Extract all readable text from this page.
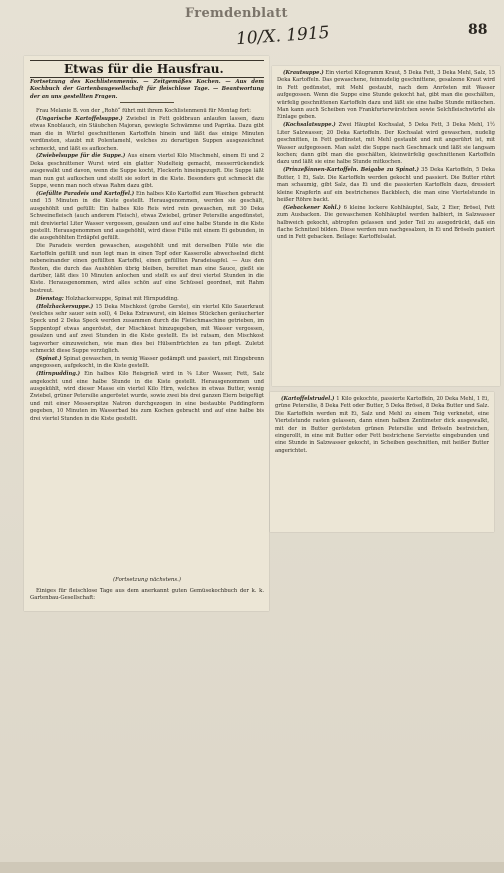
Fremdenblatt
10/X. 1915	88
Etwas für die Hausfrau.
Fortsetzung des Kochlistenmenüs. — Zeitgemäßes Kochen. — Aus dem Kochbuch der Gartenbaugesellschaft für fleischlose Tage. — Beantwortung der an uns gestellten Fragen.

Frau Melanie B. von der „Rohö“ führt mit ihrem Kochlistenmenü für Montag fort:

(Ungarische Kartoffelsuppe.) Zwiebel in Fett goldbraun anlaufen lassen, dazu etwas Knoblauch, ein Stäubchen Majoran, gewiegte Schwämme und Paprika. Dazu gibt man die in Würfel geschnittenen Kartoffeln hinein und läßt das einige Minuten verdünsten, staubt mit Polentamehl, welches zu derartigen Suppen ausgezeichnet schmeckt, und läßt es aufkochen.

(Zwiebelsuppe für die Suppe.) Aus einem viertel Kilo Mischmehl, einem Ei und 2 Deka geschnittener Wurst wird ein glatter Nudelteig gemacht, messerrückendick ausgewalkt und davon, wenn die Suppe kocht, Fleckerln hineingezupft. Die Suppe läßt man nun gut aufkochen und stellt sie sofort in die Kiste. Besonders gut schmeckt die Suppe, wenn man noch etwas Rahm dazu gibt.

(Gefüllte Paradeis und Kartoffel.) Ein halbes Kilo Kartoffel zum Waschen gebracht und 15 Minuten in die Kiste gestellt. Herausgenommen, werden sie geschält, ausgehöhlt und gefüllt: Ein halbes Kilo Reis wird rein gewaschen, mit 30 Deka Schweinefleisch (auch anderem Fleisch), etwas Zwiebel, grüner Petersilie angedünstet, mit dreiviertel Liter Wasser vergossen, gesalzen und auf eine halbe Stunde in die Kiste gestellt. Herausgenommen und ausgehöhlt, wird diese Fülle mit einem Ei gebunden, in die ausgehöhlten Erdäpfel gefüllt.

Die Paradeis werden gewaschen, ausgehöhlt und mit derselben Fülle wie die Kartoffeln gefüllt und nun legt man in einen Topf oder Kasserolle abwechselnd dicht nebeneinander einen gefüllten Kartoffel, einen gefüllten Paradeisapfel. — Aus den Resten, die durch das Aushöhlen übrig bleiben, bereitet man eine Sauce, gießt sie darüber, läßt dies 10 Minuten anlochen und stellt es auf drei viertel Stunden in die Kiste. Herausgenommen, wird alles schön auf eine Schüssel geordnet, mit Rahm bestreut.

Dienstag: Holzhackersuppe, Spinat mit Hirnpudding.

(Holzhackersuppe.) 15 Deka Mischkost (grobe Gerste), ein viertel Kilo Sauerkraut (welches sehr sauer sein soll), 4 Deka Extrawurst, ein kleines Stückchen geräucherter Speck und 2 Deka Speck werden zusammen durch die Fleischmaschine getrieben, im Suppentopf etwas angeröstet, der Mischkost hinzugegeben, mit Wasser vergossen, gesalzen und auf zwei Stunden in die Kiste gestellt. Es ist ratsam, den Mischkost tagsvorher einzuweichen, wie man dies bei Hülsenfrüchten zu tun pflegt. Zuletzt schmeckt diese Suppe vorzüglich.

(Spinat.) Spinat gewaschen, in wenig Wasser gedämpft und passiert, mit Eingebrenn angegossen, aufgekocht, in die Kiste gestellt.

(Hirnpudding.) Ein halbes Kilo Reisgrieß wird in ⅝ Liter Wasser, Fett, Salz angekocht und eine halbe Stunde in die Kiste gestellt. Herausgenommen und ausgekühlt, wird dieser Masse ein viertel Kilo Hirn, welches in etwas Butter, wenig Zwiebel, grüner Petersilie angeröstet wurde, sowie zwei bis drei ganzen Eiern beigefügt und mit einer Messerspitze Natron durchgezogen in eine bestaubte Puddingform gegeben, 10 Minuten im Wasserbad bis zum Kochen gebracht und auf eine halbe bis drei viertel Stunden in die Kiste gestellt.

(Fortsetzung nächstens.)
Einiges für fleischlose Tage aus dem anerkannt guten Gemüsekochbuch der k. k. Gartenbau-Gesellschaft:

(Krautsuppe.) Ein viertel Kilogramm Kraut, 5 Deka Fett, 3 Deka Mehl, Salz, 15 Deka Kartoffeln. Das gewaschene, feinnudelig geschnittene, gesalzene Kraut wird in Fett gedünstet, mit Mehl gestaubt, nach dem Anrösten mit Wasser aufgegossen. Wenn die Suppe eine Stunde gekocht hat, gibt man die geschälten, würfelig geschnittenen Kartoffeln dazu und läßt sie eine halbe Stunde mitkochen. Man kann auch Scheiben von Frankfurterwürstchen sowie Selchfleischwürfel als Einlage geben.

(Kochsalatsuppe.) Zwei Häuptel Kochsalat, 5 Deka Fett, 3 Deka Mehl, 1½ Liter Salzwasser, 20 Deka Kartoffeln. Der Kochsalat wird gewaschen, nudelig geschnitten, in Fett gedünstet, mit Mehl gestaubt und mit angerührt ist, mit Wasser aufgegossen. Man salzt die Suppe nach Geschmack und läßt sie langsam kochen; dann gibt man die geschälten, kleinwürfelig geschnittenen Kartoffeln dazu und läßt sie eine halbe Stunde mitkochen.

(Prinzeßinnen-Kartoffeln. Beigabe zu Spinat.) 35 Deka Kartoffeln, 5 Deka Butter, 1 Ei, Salz. Die Kartoffeln werden gekocht und passiert. Die Butter rührt man schaumig, gibt Salz, das Ei und die passierten Kartoffeln dazu, dressiert kleine Krapferln auf ein bestrichenes Backblech, die man eine Viertelstunde in heißer Röhre backt.

(Gebackener Kohl.) 6 kleine lockere Kohlhäuptel, Salz, 2 Eier, Brösel, Fett zum Ausbacken. Die gewaschenen Kohlhäuptel werden halbiert, in Salzwasser halbweich gekocht, abtropfen gelassen und jeder Teil zu ausgedrückt, daß ein flache Schnitzel bilden. Diese werden nun nachgesalzen, in Ei und Bröseln paniert und in Fett gebacken. Beilage: Kartoffelsalat.

(Kartoffelstrudel.) 1 Kilo gekochte, passierte Kartoffeln, 20 Deka Mehl, 1 Ei, grüne Petersilie, 8 Deka Fett oder Butter, 5 Deka Brösel, 8 Deka Butter und Salz. Die Kartoffeln werden mit Ei, Salz und Mehl zu einem Teig verknetet, eine Viertelstunde rasten gelassen, dann einen halben Zentimeter dick ausgewalkt, mit der in Butter gerösteten grünen Petersilie und Bröseln bestreichen, eingerollt, in eine mit Butter oder Fett bestrichene Serviette eingebunden und eine Stunde in Salzwasser gekocht, in Scheiben geschnitten, mit heißer Butter angerichtet.
